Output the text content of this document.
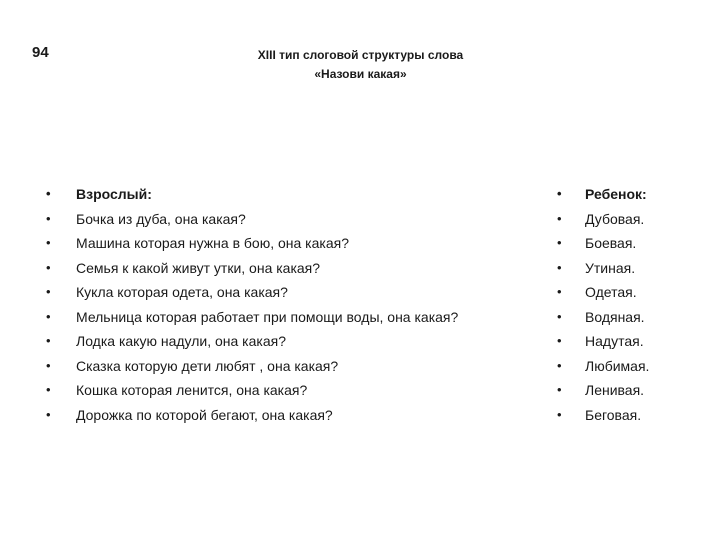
94	XIII тип слоговой структуры слова
«Назови какая»
• Взрослый:
• Бочка из дуба, она какая?
• Машина которая нужна в бою, она какая?
• Семья к какой живут утки, она какая?
• Кукла которая одета, она какая?
• Мельница которая работает при помощи воды, она какая?
• Лодка какую надули, она какая?
• Сказка которую дети любят , она какая?
• Кошка которая ленится, она какая?
• Дорожка по которой бегают, она какая?
• Ребенок:
• Дубовая.
• Боевая.
• Утиная.
• Одетая.
• Водяная.
• Надутая.
• Любимая.
• Ленивая.
• Беговая.
